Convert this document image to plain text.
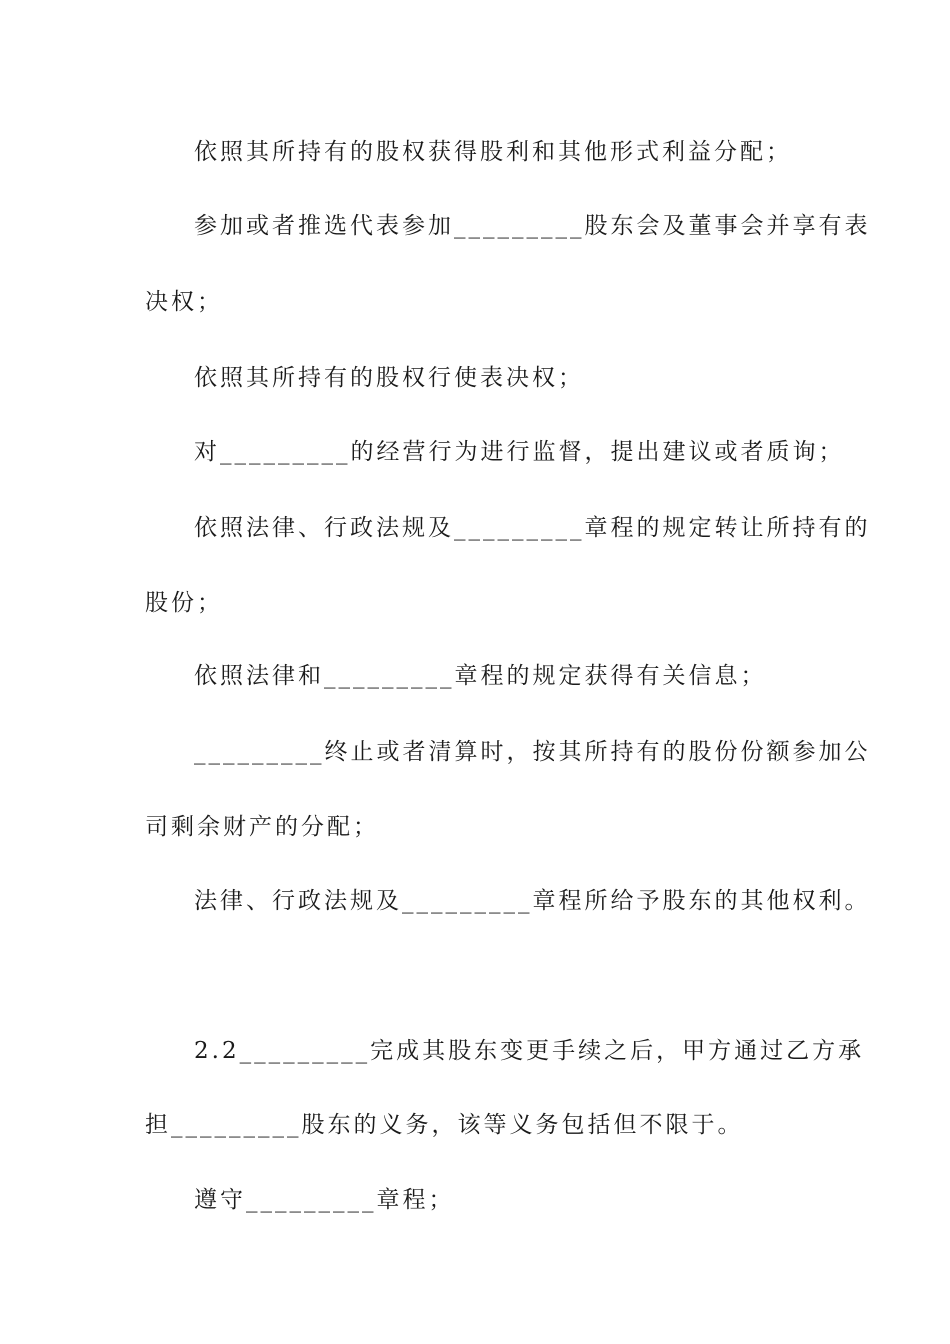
依照其所持有的股权获得股利和其他形式利益分配；
参加或者推选代表参加_________股东会及董事会并享有表
决权；
依照其所持有的股权行使表决权；
对_________的经营行为进行监督，提出建议或者质询；
依照法律、行政法规及_________章程的规定转让所持有的
股份；
依照法律和_________章程的规定获得有关信息；
_________终止或者清算时，按其所持有的股份份额参加公
司剩余财产的分配；
法律、行政法规及_________章程所给予股东的其他权利。
2.2_________完成其股东变更手续之后，甲方通过乙方承
担_________股东的义务，该等义务包括但不限于。
遵守_________章程；
